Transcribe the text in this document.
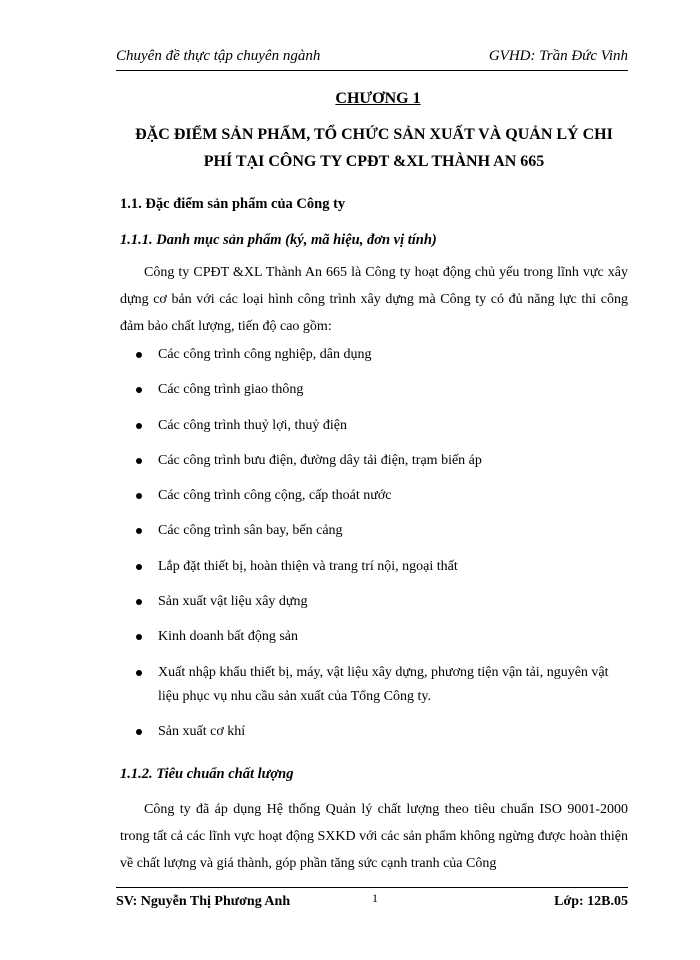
Chuyên đề thực tập chuyên ngành	GVHD: Trần Đức Vinh
CHƯƠNG 1
ĐẶC ĐIỂM SẢN PHẨM, TỔ CHỨC SẢN XUẤT VÀ QUẢN LÝ CHI
PHÍ TẠI CÔNG TY CPĐT &XL THÀNH AN 665
1.1. Đặc điểm sản phẩm của Công ty
1.1.1. Danh mục sản phẩm (ký, mã hiệu, đơn vị tính)
Công ty CPĐT &XL Thành An 665 là Công ty hoạt động chủ yếu trong lĩnh vực xây dựng cơ bản với các loại hình công trình xây dựng mà Công ty có đủ năng lực thi công đảm bảo chất lượng, tiến độ cao gồm:
Các công trình công nghiệp, dân dụng
Các công trình giao thông
Các công trình thuỷ lợi, thuỷ điện
Các công trình bưu điện, đường dây tải điện, trạm biến áp
Các công trình công cộng, cấp thoát nước
Các công trình sân bay, bến cảng
Lắp đặt thiết bị, hoàn thiện và trang trí nội, ngoại thất
Sản xuất vật liệu xây dựng
Kinh doanh bất động sản
Xuất nhập khẩu thiết bị, máy, vật liệu xây dựng, phương tiện vận tải, nguyên vật liệu phục vụ nhu cầu sản xuất của Tổng Công ty.
Sản xuất cơ khí
1.1.2. Tiêu chuẩn chất lượng
Công ty đã áp dụng Hệ thống Quản lý chất lượng theo tiêu chuẩn ISO 9001-2000 trong tất cả các lĩnh vực hoạt động SXKD với các sản phẩm không ngừng được hoàn thiện về chất lượng và giá thành, góp phần tăng sức cạnh tranh của Công
SV: Nguyễn Thị Phương Anh	1	Lớp: 12B.05
